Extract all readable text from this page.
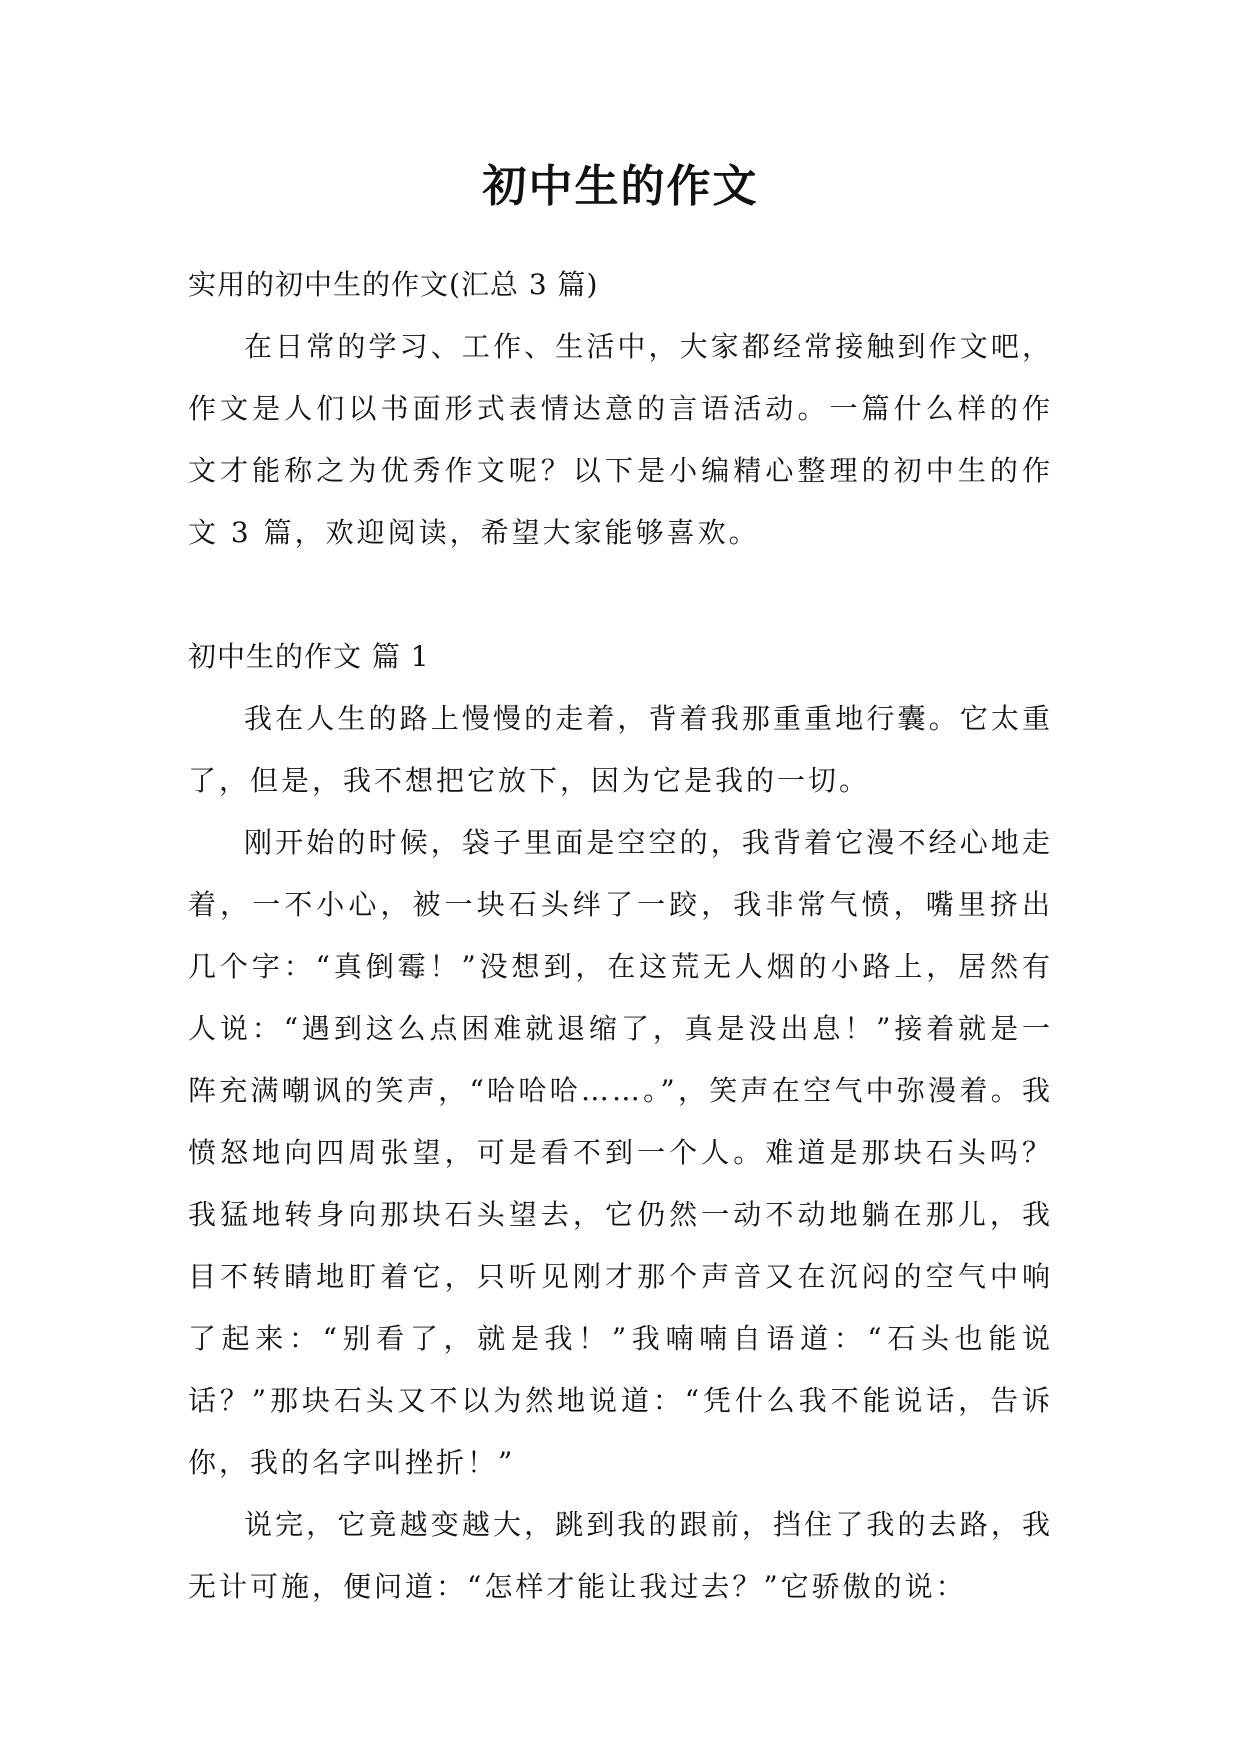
初中生的作文

实用的初中生的作文(汇总 3 篇)

在日常的学习、工作、生活中，大家都经常接触到作文吧，作文是人们以书面形式表情达意的言语活动。一篇什么样的作文才能称之为优秀作文呢？以下是小编精心整理的初中生的作文 3 篇，欢迎阅读，希望大家能够喜欢。

初中生的作文 篇 1

我在人生的路上慢慢的走着，背着我那重重地行囊。它太重了，但是，我不想把它放下，因为它是我的一切。

刚开始的时候，袋子里面是空空的，我背着它漫不经心地走着，一不小心，被一块石头绊了一跤，我非常气愤，嘴里挤出几个字：“真倒霉！”没想到，在这荒无人烟的小路上，居然有人说：“遇到这么点困难就退缩了，真是没出息！”接着就是一阵充满嘲讽的笑声，“哈哈哈……。”，笑声在空气中弥漫着。我愤怒地向四周张望，可是看不到一个人。难道是那块石头吗？我猛地转身向那块石头望去，它仍然一动不动地躺在那儿，我目不转睛地盯着它，只听见刚才那个声音又在沉闷的空气中响了起来：“别看了，就是我！”我喃喃自语道：“石头也能说话？”那块石头又不以为然地说道：“凭什么我不能说话，告诉你，我的名字叫挫折！”

说完，它竟越变越大，跳到我的跟前，挡住了我的去路，我无计可施，便问道：“怎样才能让我过去？”它骄傲的说：
